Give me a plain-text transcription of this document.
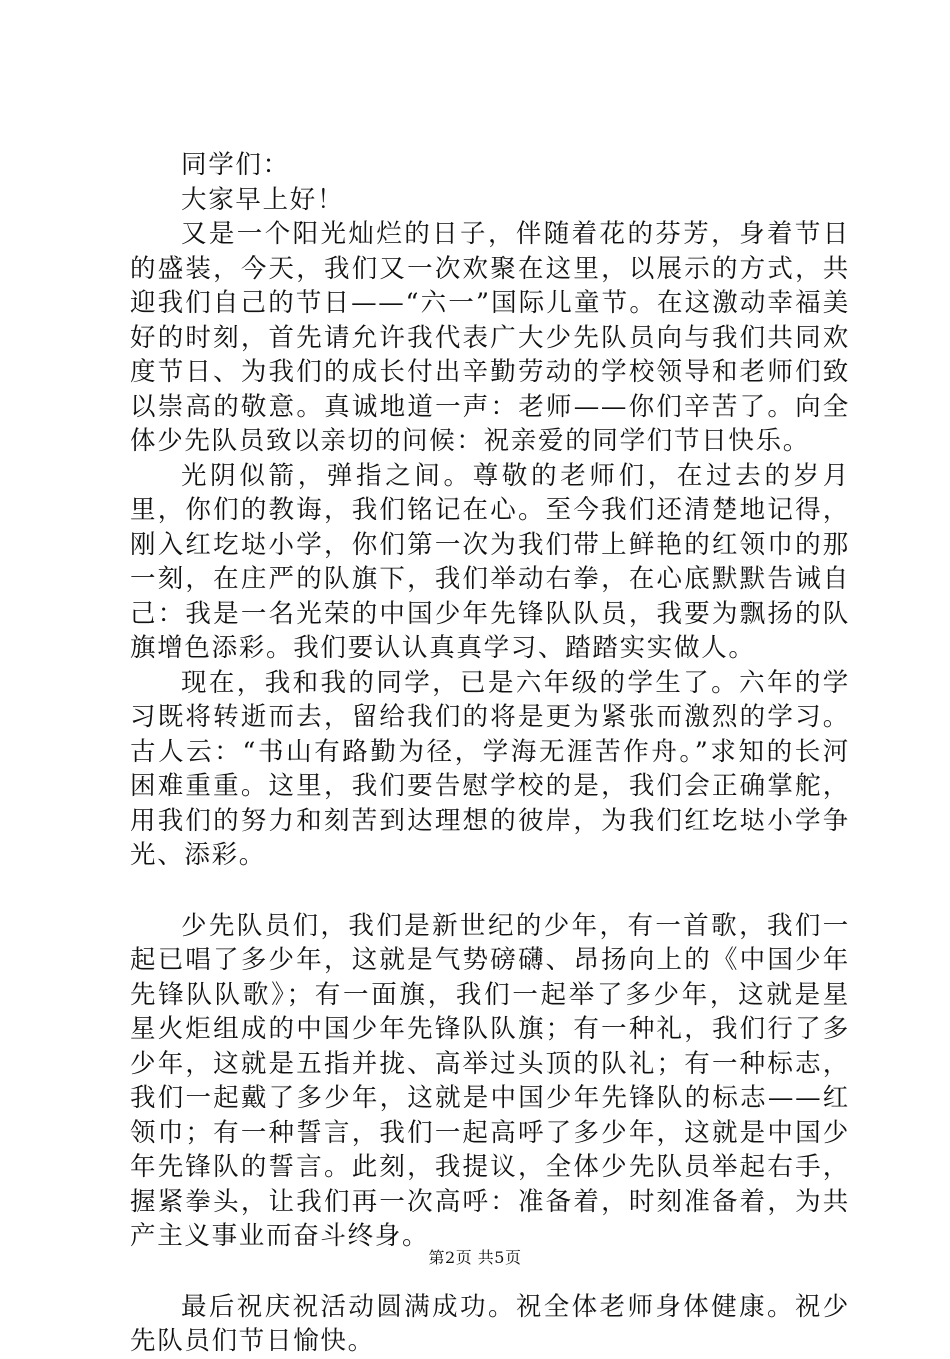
同学们：

大家早上好！

又是一个阳光灿烂的日子，伴随着花的芬芳，身着节日的盛装，今天，我们又一次欢聚在这里，以展示的方式，共迎我们自己的节日——“六一”国际儿童节。在这激动幸福美好的时刻，首先请允许我代表广大少先队员向与我们共同欢度节日、为我们的成长付出辛勤劳动的学校领导和老师们致以崇高的敬意。真诚地道一声：老师——你们辛苦了。向全体少先队员致以亲切的问候：祝亲爱的同学们节日快乐。

光阴似箭，弹指之间。尊敬的老师们，在过去的岁月里，你们的教诲，我们铭记在心。至今我们还清楚地记得，刚入红圪垯小学，你们第一次为我们带上鲜艳的红领巾的那一刻，在庄严的队旗下，我们举动右拳，在心底默默告诫自己：我是一名光荣的中国少年先锋队队员，我要为飘扬的队旗增色添彩。我们要认认真真学习、踏踏实实做人。

现在，我和我的同学，已是六年级的学生了。六年的学习既将转逝而去，留给我们的将是更为紧张而激烈的学习。古人云：“书山有路勤为径，学海无涯苦作舟。”求知的长河困难重重。这里，我们要告慰学校的是，我们会正确掌舵，用我们的努力和刻苦到达理想的彼岸，为我们红圪垯小学争光、添彩。

少先队员们，我们是新世纪的少年，有一首歌，我们一起已唱了多少年，这就是气势磅礴、昂扬向上的《中国少年先锋队队歌》；有一面旗，我们一起举了多少年，这就是星星火炬组成的中国少年先锋队队旗；有一种礼，我们行了多少年，这就是五指并拢、高举过头顶的队礼；有一种标志，我们一起戴了多少年，这就是中国少年先锋队的标志——红领巾；有一种誓言，我们一起高呼了多少年，这就是中国少年先锋队的誓言。此刻，我提议，全体少先队员举起右手，握紧拳头，让我们再一次高呼：准备着，时刻准备着，为共产主义事业而奋斗终身。

最后祝庆祝活动圆满成功。祝全体老师身体健康。祝少先队员们节日愉快。

第2页 共5页
